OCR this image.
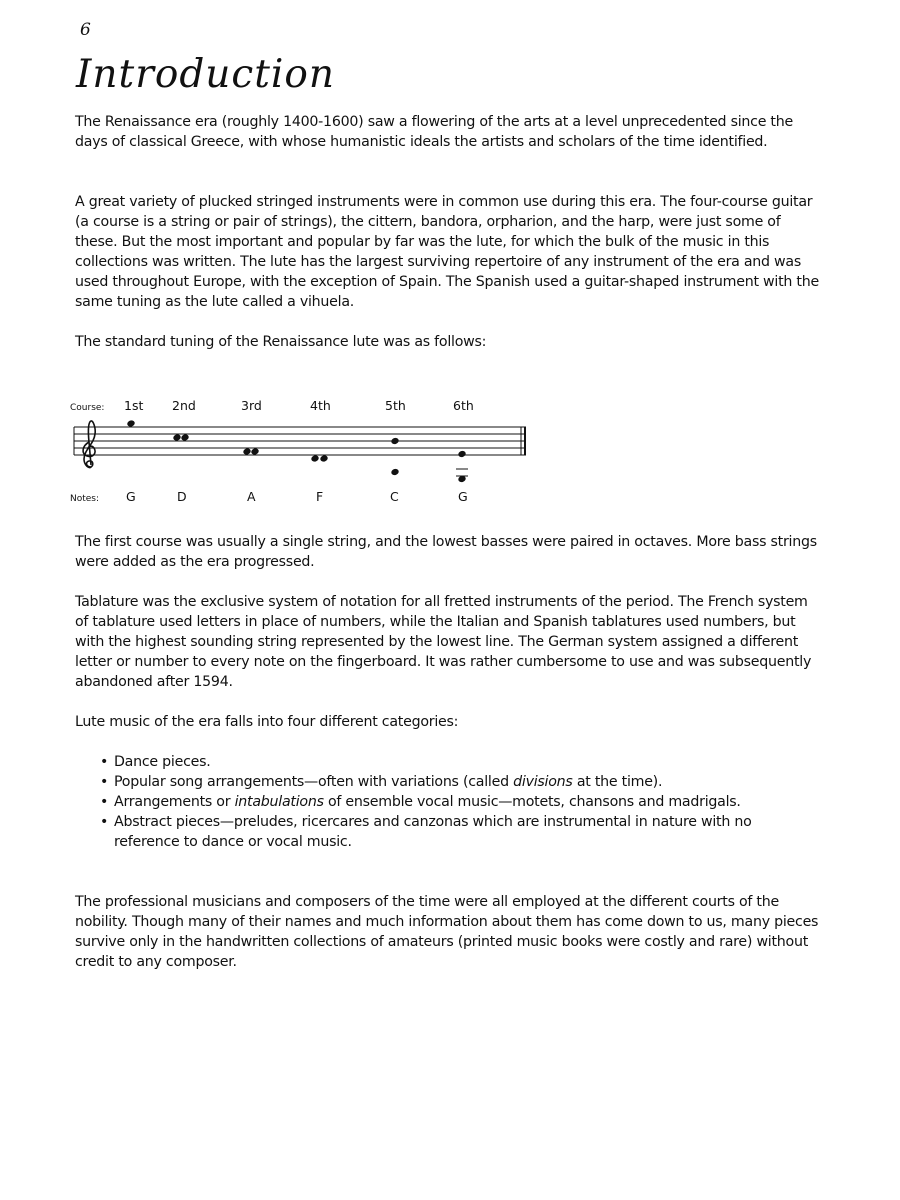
6
Introduction

The Renaissance era (roughly 1400-1600) saw a flowering of the arts at a level unprecedented since the days of classical Greece, with whose humanistic ideals the artists and scholars of the time identified.

A great variety of plucked stringed instruments were in common use during this era. The four-course guitar (a course is a string or pair of strings), the cittern, bandora, orpharion, and the harp, were just some of these. But the most important and popular by far was the lute, for which the bulk of the music in this collections was written. The lute has the largest surviving repertoire of any instrument of the era and was used throughout Europe, with the exception of Spain. The Spanish used a guitar-shaped instrument with the same tuning as the lute called a vihuela.

The standard tuning of the Renaissance lute was as follows:

Course: 1st 2nd	3rd	4th	5th	6th
Notes: G	D	A	F	C	G

The first course was usually a single string, and the lowest basses were paired in octaves. More bass strings were added as the era progressed.

Tablature was the exclusive system of notation for all fretted instruments of the period. The French system of tablature used letters in place of numbers, while the Italian and Spanish tablatures used numbers, but with the highest sounding string represented by the lowest line. The German system assigned a different letter or number to every note on the fingerboard. It was rather cumbersome to use and was subsequently abandoned after 1594.

Lute music of the era falls into four different categories:

• Dance pieces.
• Popular song arrangements—often with variations (called divisions at the time).
• Arrangements or intabulations of ensemble vocal music—motets, chansons and madrigals.
• Abstract pieces—preludes, ricercares and canzonas which are instrumental in nature with no reference to dance or vocal music.

The professional musicians and composers of the time were all employed at the different courts of the nobility. Though many of their names and much information about them has come down to us, many pieces survive only in the handwritten collections of amateurs (printed music books were costly and rare) without credit to any composer.
